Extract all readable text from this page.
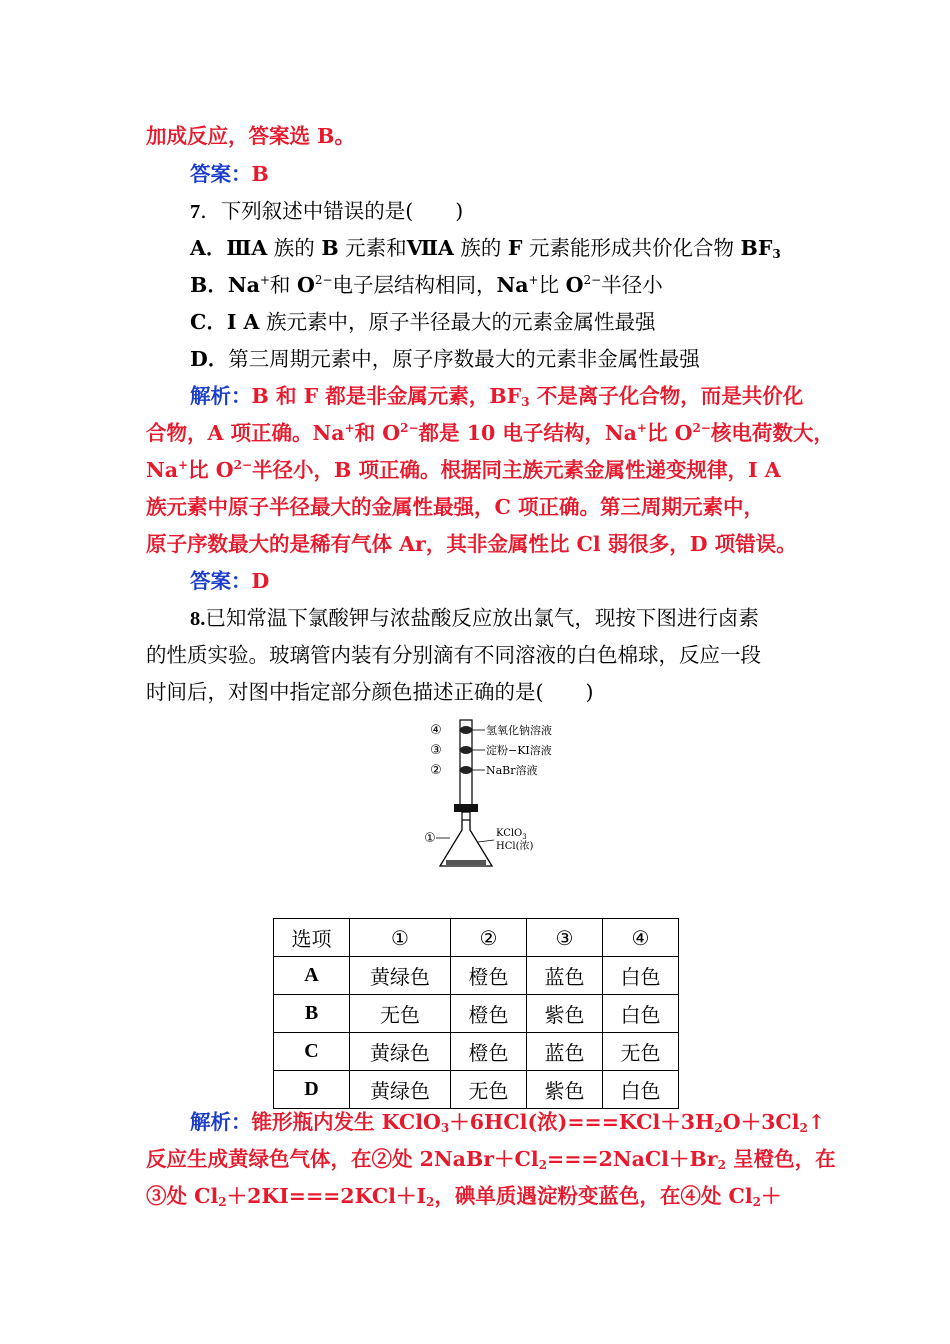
加成反应，答案选 B。
答案：B
7．下列叙述中错误的是( )
A．ⅢA 族的 B 元素和ⅦA 族的 F 元素能形成共价化合物 $BF_3$
B．Na+和 $O^{2-}$电子层结构相同，Na+比 $O^{2-}$半径小
C．Ⅰ A 族元素中，原子半径最大的元素金属性最强
D．第三周期元素中，原子序数最大的元素非金属性最强
解析：B 和 F 都是非金属元素，$BF_3$ 不是离子化合物，而是共价化
合物，A 项正确。Na+和 $O^{2-}$都是 10 电子结构，Na+比 $O^{2-}$核电荷数大，
Na+比 $O^{2-}$半径小，B 项正确。根据同主族元素金属性递变规律，Ⅰ A
族元素中原子半径最大的金属性最强，C 项正确。第三周期元素中，
原子序数最大的是稀有气体 Ar，其非金属性比 Cl 弱很多，D 项错误。
答案：D
8.已知常温下氯酸钾与浓盐酸反应放出氯气，现按下图进行卤素
的性质实验。玻璃管内装有分别滴有不同溶液的白色棉球，反应一段
时间后，对图中指定部分颜色描述正确的是( )
④
③
②
①
氢氧化钠溶液
淀粉−KI溶液
NaBr溶液
KClO$_3$
HCl(浓)
选项	①	②	③	④
A	黄绿色	橙色	蓝色	白色
B	无色	橙色	紫色	白色
C	黄绿色	橙色	蓝色	无色
D	黄绿色	无色	紫色	白色
解析：锥形瓶内发生 KClO$_3$＋6HCl(浓)$===KCl+3H_2O+3Cl_2↑$
反应生成黄绿色气体，在②处 $2NaBr+Cl_2===2NaCl+Br_2$ 呈橙色，在
③处 $Cl_2+2KI===2KCl+I_2$，碘单质遇淀粉变蓝色，在④处 $Cl_2+$
